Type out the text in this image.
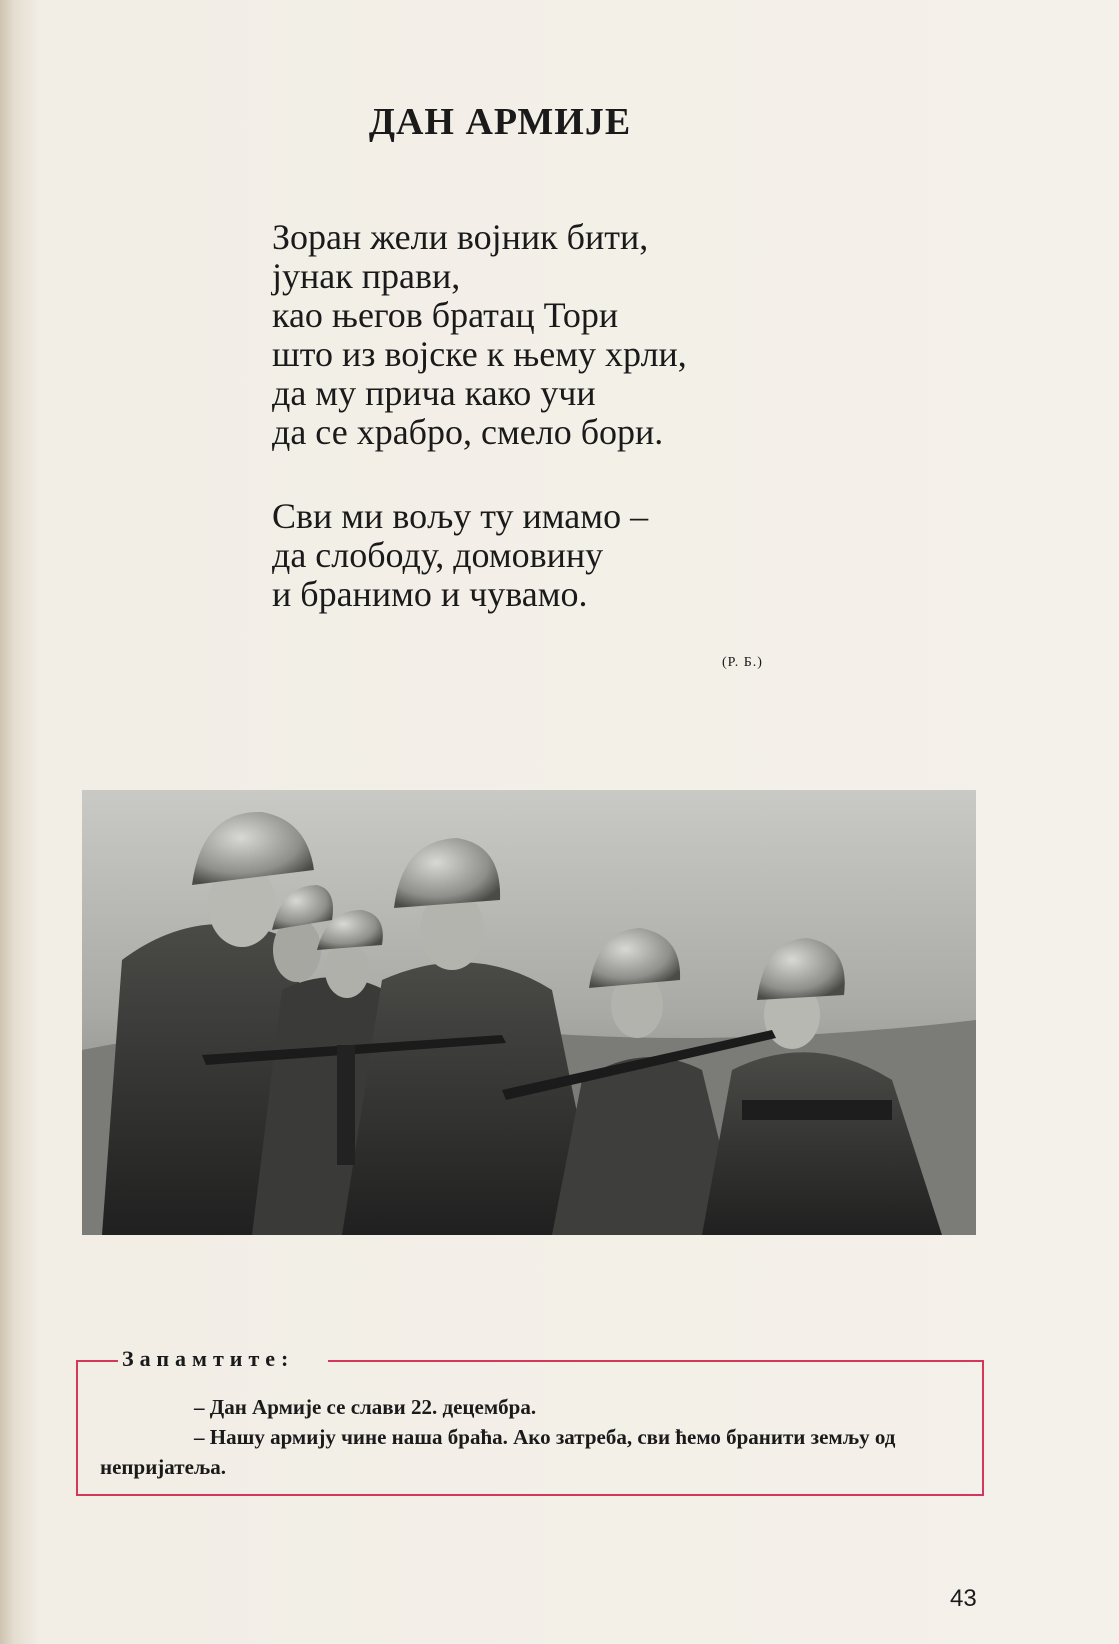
ДАН АРМИЈЕ
Зоран жели војник бити,
јунак прави,
као његов братац Тори
што из војске к њему хрли,
да му прича како учи
да се храбро, смело бори.
Сви ми вољу ту имамо –
да слободу, домовину
и бранимо и чувамо.
(Р. Б.)
Запамтите:
– Дан Армије се слави 22. децембра.
– Нашу армију чине наша браћа. Ако затреба, сви ћемо бранити земљу од непријатеља.
43
